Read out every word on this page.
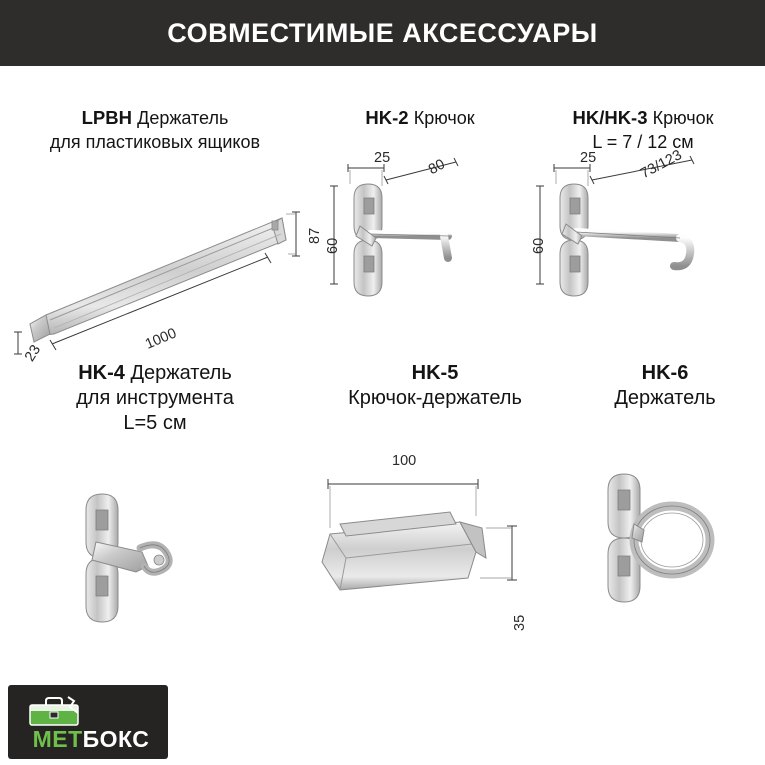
СОВМЕСТИМЫЕ АКСЕССУАРЫ
LPBH Держатель
для пластиковых ящиков
87
1000
23
HK-2 Крючок
25 80
60
HK/HK-3 Крючок
L = 7 / 12 см
25	73/123
60
HK-4 Держатель
для инструмента
L=5 см
HK-5
Крючок-держатель
100
35
HK-6
Держатель
МЕТБОКС
